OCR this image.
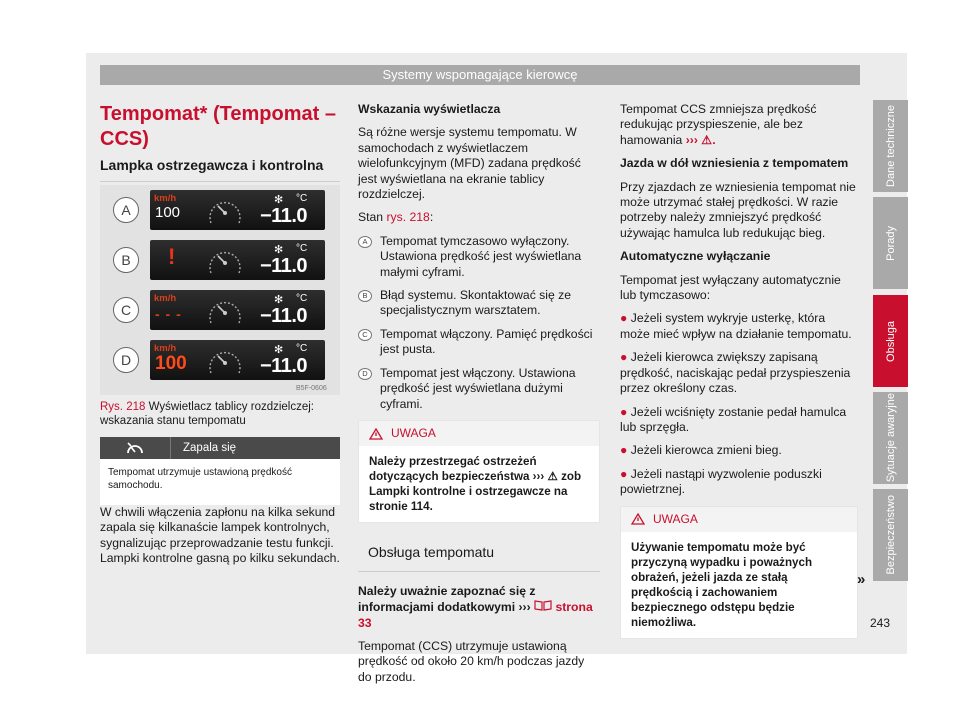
Systemy wspomagające kierowcę
Tempomat* (Tempomat – CCS)
Lampka ostrzegawcza i kontrolna
A
km/h
100
✻ °C
−11.0
B	!	✻ °C
−11.0
C
km/h
- - -
✻ °C
−11.0
D
km/h
100
✻ °C
−11.0
B5F-0606
Rys. 218 Wyświetlacz tablicy rozdzielczej: wskazania stanu tempomatu
Zapala się
Tempomat utrzymuje ustawioną prędkość samochodu.
W chwili włączenia zapłonu na kilka sekund zapala się kilkanaście lampek kontrolnych, sygnalizując przeprowadzanie testu funkcji. Lampki kontrolne gasną po kilku sekundach.

Wskazania wyświetlacza

Są różne wersje systemu tempomatu. W samochodach z wyświetlaczem wielofunkcyjnym (MFD) zadana prędkość jest wyświetlana na ekranie tablicy rozdzielczej.

Stan rys. 218:

A	Tempomat tymczasowo wyłączony. Ustawiona prędkość jest wyświetlana małymi cyframi.
B	Błąd systemu. Skontaktować się ze specjalistycznym warsztatem.
C	Tempomat włączony. Pamięć prędkości jest pusta.
D	Tempomat jest włączony. Ustawiona prędkość jest wyświetlana dużymi cyframi.
UWAGA
Należy przestrzegać ostrzeżeń dotyczących bezpieczeństwa ››› ⚠ zob Lampki kontrolne i ostrzegawcze na stronie 114.
Obsługa tempomatu

Należy uważnie zapoznać się z informacjami dodatkowymi ››› strona 33

Tempomat (CCS) utrzymuje ustawioną prędkość od około 20 km/h podczas jazdy do przodu.

Tempomat CCS zmniejsza prędkość redukując przyspieszenie, ale bez hamowania ››› ⚠.

Jazda w dół wzniesienia z tempomatem

Przy zjazdach ze wzniesienia tempomat nie może utrzymać stałej prędkości. W razie potrzeby należy zmniejszyć prędkość używając hamulca lub redukując bieg.

Automatyczne wyłączanie

Tempomat jest wyłączany automatycznie lub tymczasowo:

● Jeżeli system wykryje usterkę, która może mieć wpływ na działanie tempomatu.

● Jeżeli kierowca zwiększy zapisaną prędkość, naciskając pedał przyspieszenia przez określony czas.

● Jeżeli wciśnięty zostanie pedał hamulca lub sprzęgła.

● Jeżeli kierowca zmieni bieg.

● Jeżeli nastąpi wyzwolenie poduszki powietrznej.

UWAGA
Używanie tempomatu może być przyczyną wypadku i poważnych obrażeń, jeżeli jazda ze stałą prędkością i zachowaniem bezpiecznego odstępu będzie niemożliwa.
»
Dane techniczne
Porady
Obsługa
Sytuacje awaryjne
Bezpieczeństwo
243
